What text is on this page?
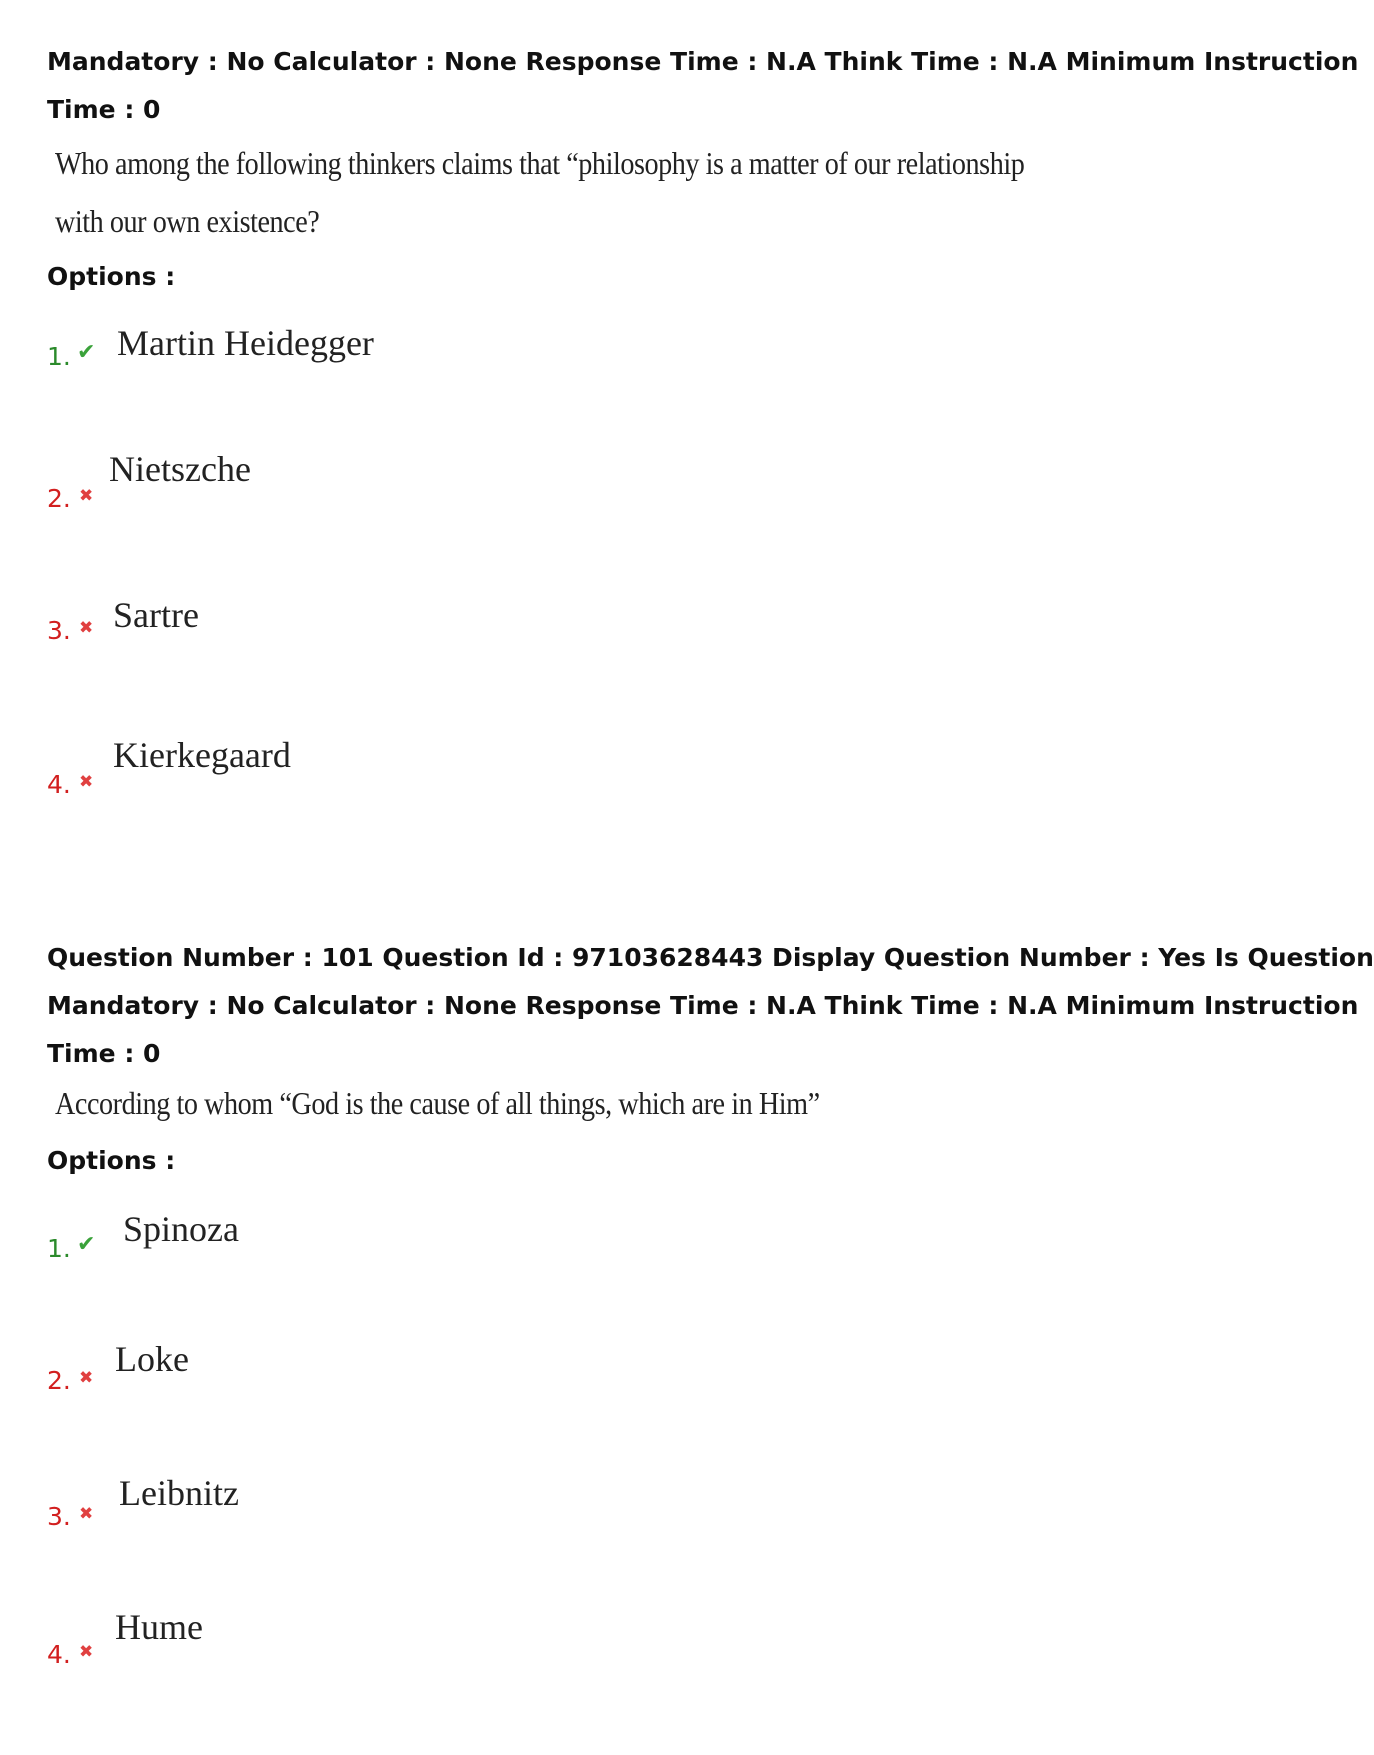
Mandatory : No Calculator : None Response Time : N.A Think Time : N.A Minimum Instruction
Time : 0
Who among the following thinkers claims that “philosophy is a matter of our relationship
with our own existence?
Options :
1. ✔ Martin Heidegger
2. ✖
Nietszche
3. ✖ Sartre
4. ✖
Kierkegaard
Question Number : 101 Question Id : 97103628443 Display Question Number : Yes Is Question
Mandatory : No Calculator : None Response Time : N.A Think Time : N.A Minimum Instruction
Time : 0
According to whom “God is the cause of all things, which are in Him”
Options :
1. ✔ Spinoza
2. ✖ Loke
3. ✖
Leibnitz
4. ✖
Hume
